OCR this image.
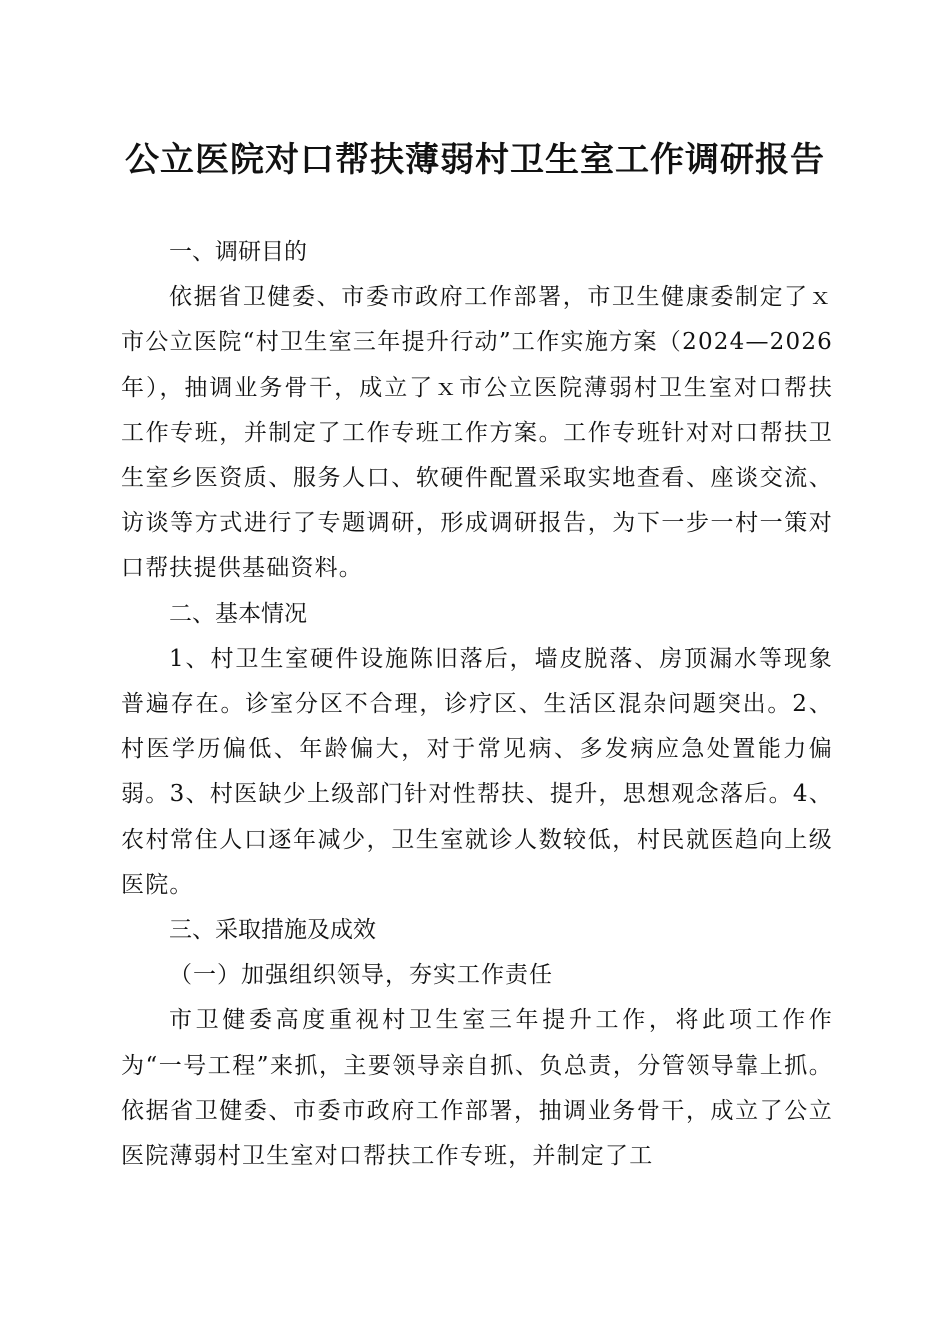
公立医院对口帮扶薄弱村卫生室工作调研报告
一、调研目的

依据省卫健委、市委市政府工作部署，市卫生健康委制定了ｘ市公立医院“村卫生室三年提升行动”工作实施方案（2024—2026年），抽调业务骨干，成立了ｘ市公立医院薄弱村卫生室对口帮扶工作专班，并制定了工作专班工作方案。工作专班针对对口帮扶卫生室乡医资质、服务人口、软硬件配置采取实地查看、座谈交流、访谈等方式进行了专题调研，形成调研报告，为下一步一村一策对口帮扶提供基础资料。

二、基本情况

1、村卫生室硬件设施陈旧落后，墙皮脱落、房顶漏水等现象普遍存在。诊室分区不合理，诊疗区、生活区混杂问题突出。2、村医学历偏低、年龄偏大，对于常见病、多发病应急处置能力偏弱。3、村医缺少上级部门针对性帮扶、提升，思想观念落后。4、农村常住人口逐年减少，卫生室就诊人数较低，村民就医趋向上级医院。

三、采取措施及成效
（一）加强组织领导，夯实工作责任

市卫健委高度重视村卫生室三年提升工作，将此项工作作为“一号工程”来抓，主要领导亲自抓、负总责，分管领导靠上抓。依据省卫健委、市委市政府工作部署，抽调业务骨干，成立了公立医院薄弱村卫生室对口帮扶工作专班，并制定了工
